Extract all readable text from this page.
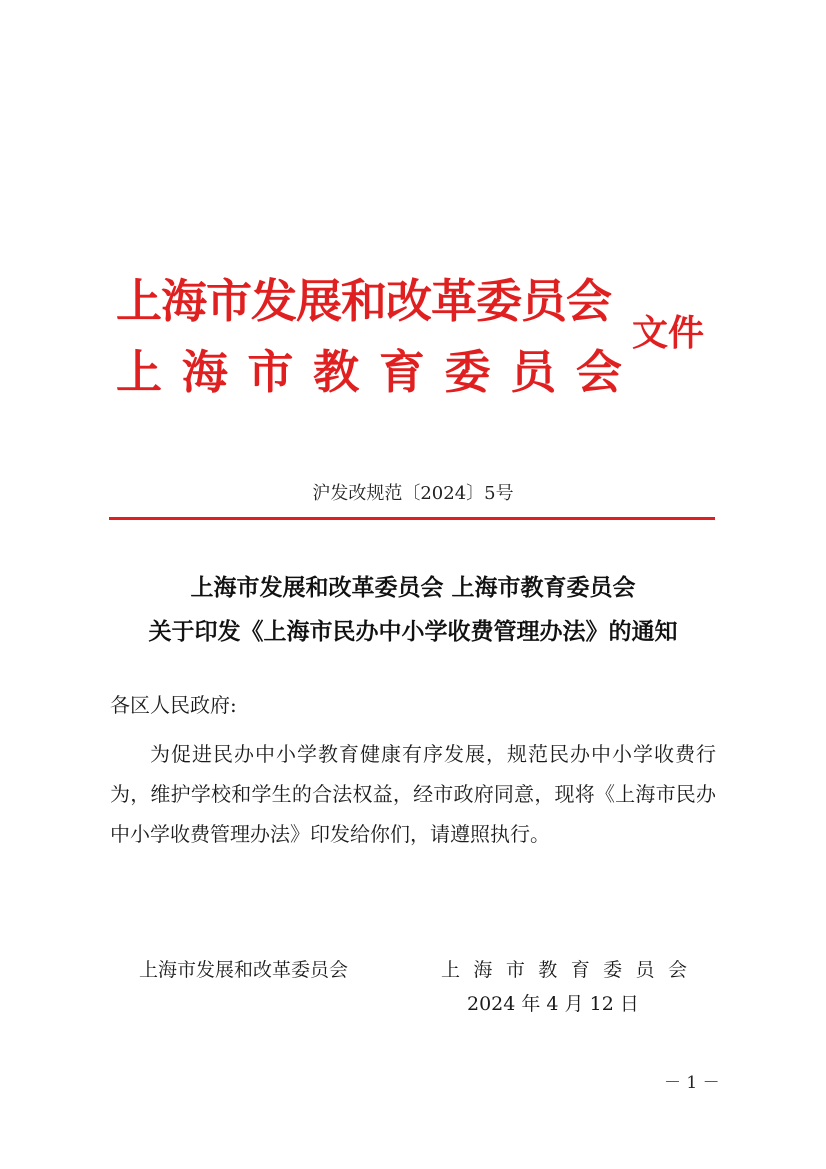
上海市发展和改革委员会
上 海 市 教 育 委 员 会
文件
沪发改规范〔2024〕5号
上海市发展和改革委员会 上海市教育委员会
关于印发《上海市民办中小学收费管理办法》的通知
各区人民政府:
为促进民办中小学教育健康有序发展，规范民办中小学收费行为，维护学校和学生的合法权益，经市政府同意，现将《上海市民办中小学收费管理办法》印发给你们，请遵照执行。
上海市发展和改革委员会	上 海 市 教 育 委 员 会
2024 年 4 月 12 日
－ 1 －
